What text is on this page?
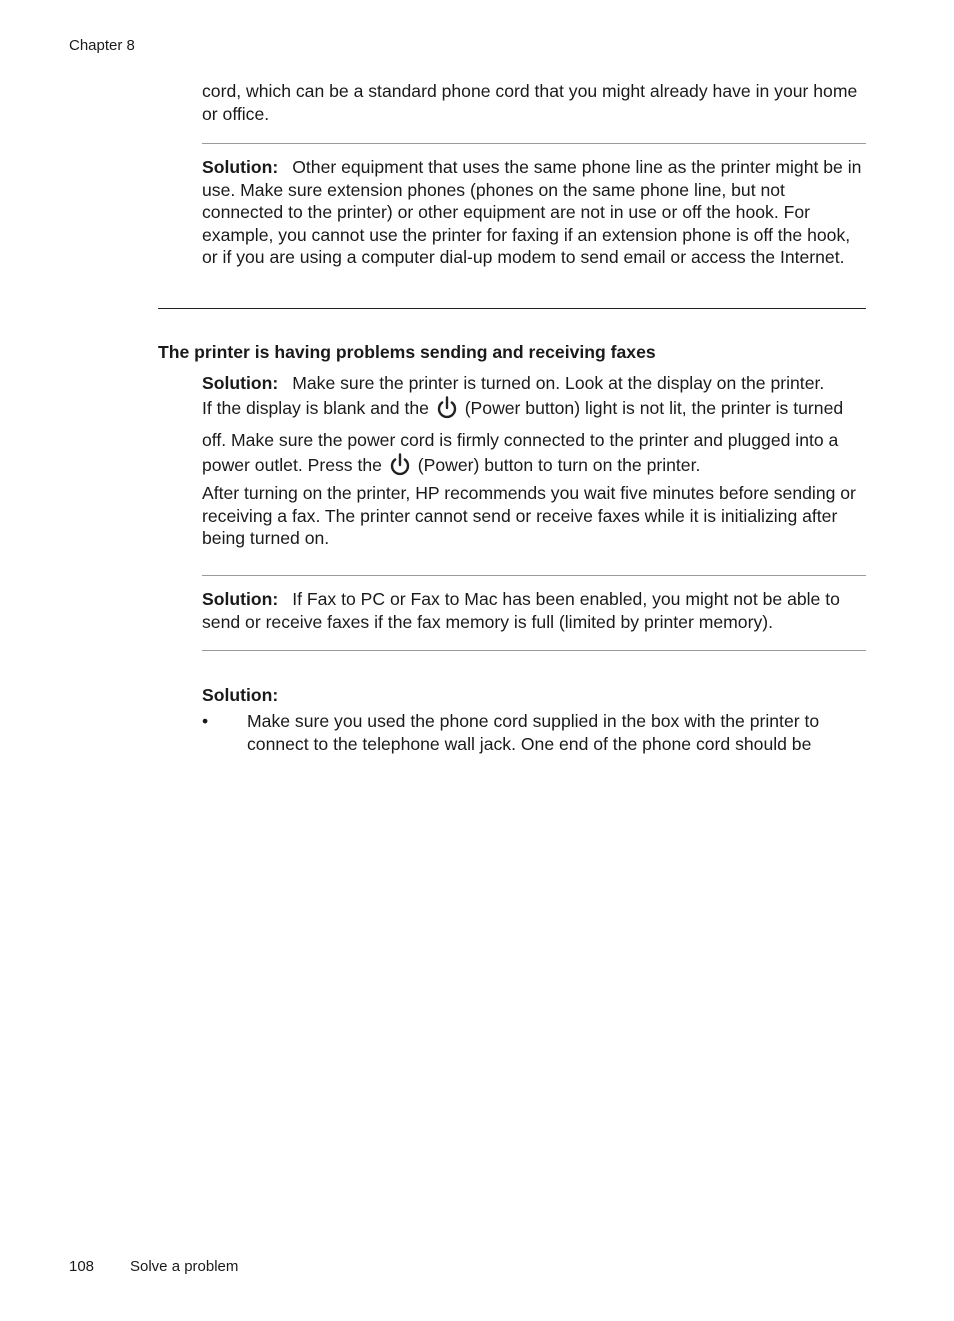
Chapter 8
cord, which can be a standard phone cord that you might already have in your home or office.
Solution: Other equipment that uses the same phone line as the printer might be in use. Make sure extension phones (phones on the same phone line, but not connected to the printer) or other equipment are not in use or off the hook. For example, you cannot use the printer for faxing if an extension phone is off the hook, or if you are using a computer dial-up modem to send email or access the Internet.
The printer is having problems sending and receiving faxes
Solution: Make sure the printer is turned on. Look at the display on the printer.
If the display is blank and the (Power button) light is not lit, the printer is turned off. Make sure the power cord is firmly connected to the printer and plugged into a power outlet. Press the (Power) button to turn on the printer.
After turning on the printer, HP recommends you wait five minutes before sending or receiving a fax. The printer cannot send or receive faxes while it is initializing after being turned on.
Solution: If Fax to PC or Fax to Mac has been enabled, you might not be able to send or receive faxes if the fax memory is full (limited by printer memory).
Solution:
• Make sure you used the phone cord supplied in the box with the printer to connect to the telephone wall jack. One end of the phone cord should be
108 Solve a problem
